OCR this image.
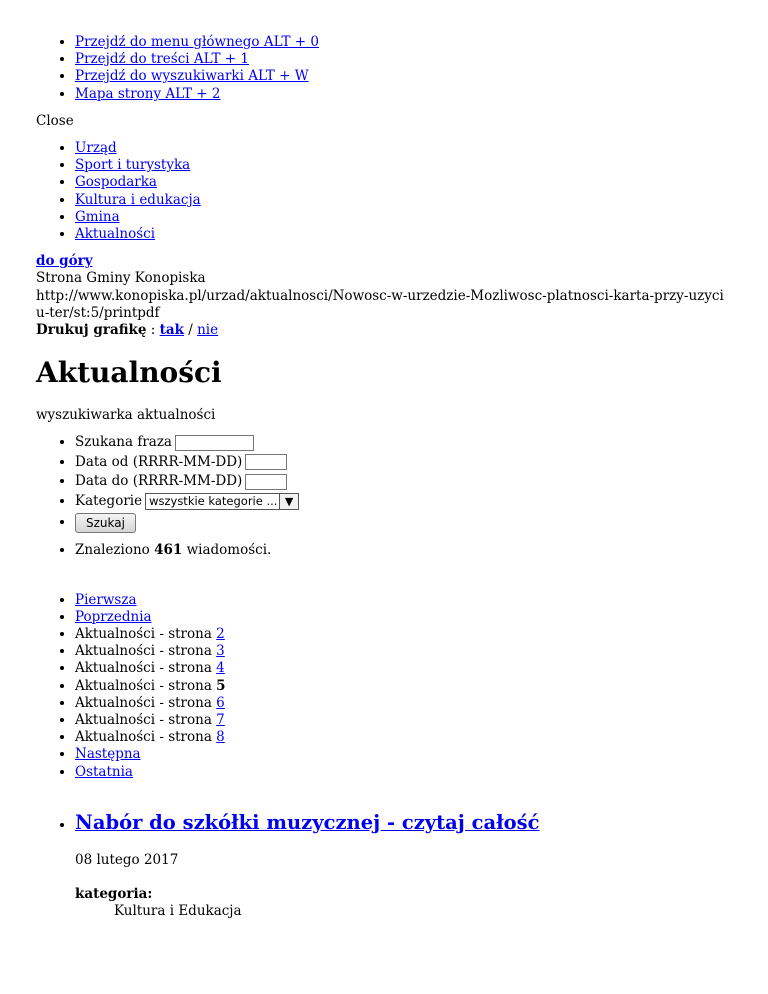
• Przejdź do menu głównego ALT + 0
• Przejdź do treści ALT + 1
• Przejdź do wyszukiwarki ALT + W
• Mapa strony ALT + 2
Close
• Urząd
• Sport i turystyka
• Gospodarka
• Kultura i edukacja
• Gmina
• Aktualności
do góry
Strona Gminy Konopiska
http://www.konopiska.pl/urzad/aktualnosci/Nowosc-w-urzedzie-Mozliwosc-platnosci-karta-przy-uzyciu-ter/st:5/printpdf
Drukuj grafikę : tak / nie
Aktualności
wyszukiwarka aktualności
• Szukana fraza
• Data od (RRRR-MM-DD)
• Data do (RRRR-MM-DD)
• Kategorie wszystkie kategorie ... ▼
• Szukaj
• Znaleziono 461 wiadomości.
• Pierwsza
• Poprzednia
• Aktualności - strona 2
• Aktualności - strona 3
• Aktualności - strona 4
• Aktualności - strona 5
• Aktualności - strona 6
• Aktualności - strona 7
• Aktualności - strona 8
• Następna
• Ostatnia
• Nabór do szkółki muzycznej - czytaj całość
08 lutego 2017
kategoria:
Kultura i Edukacja
